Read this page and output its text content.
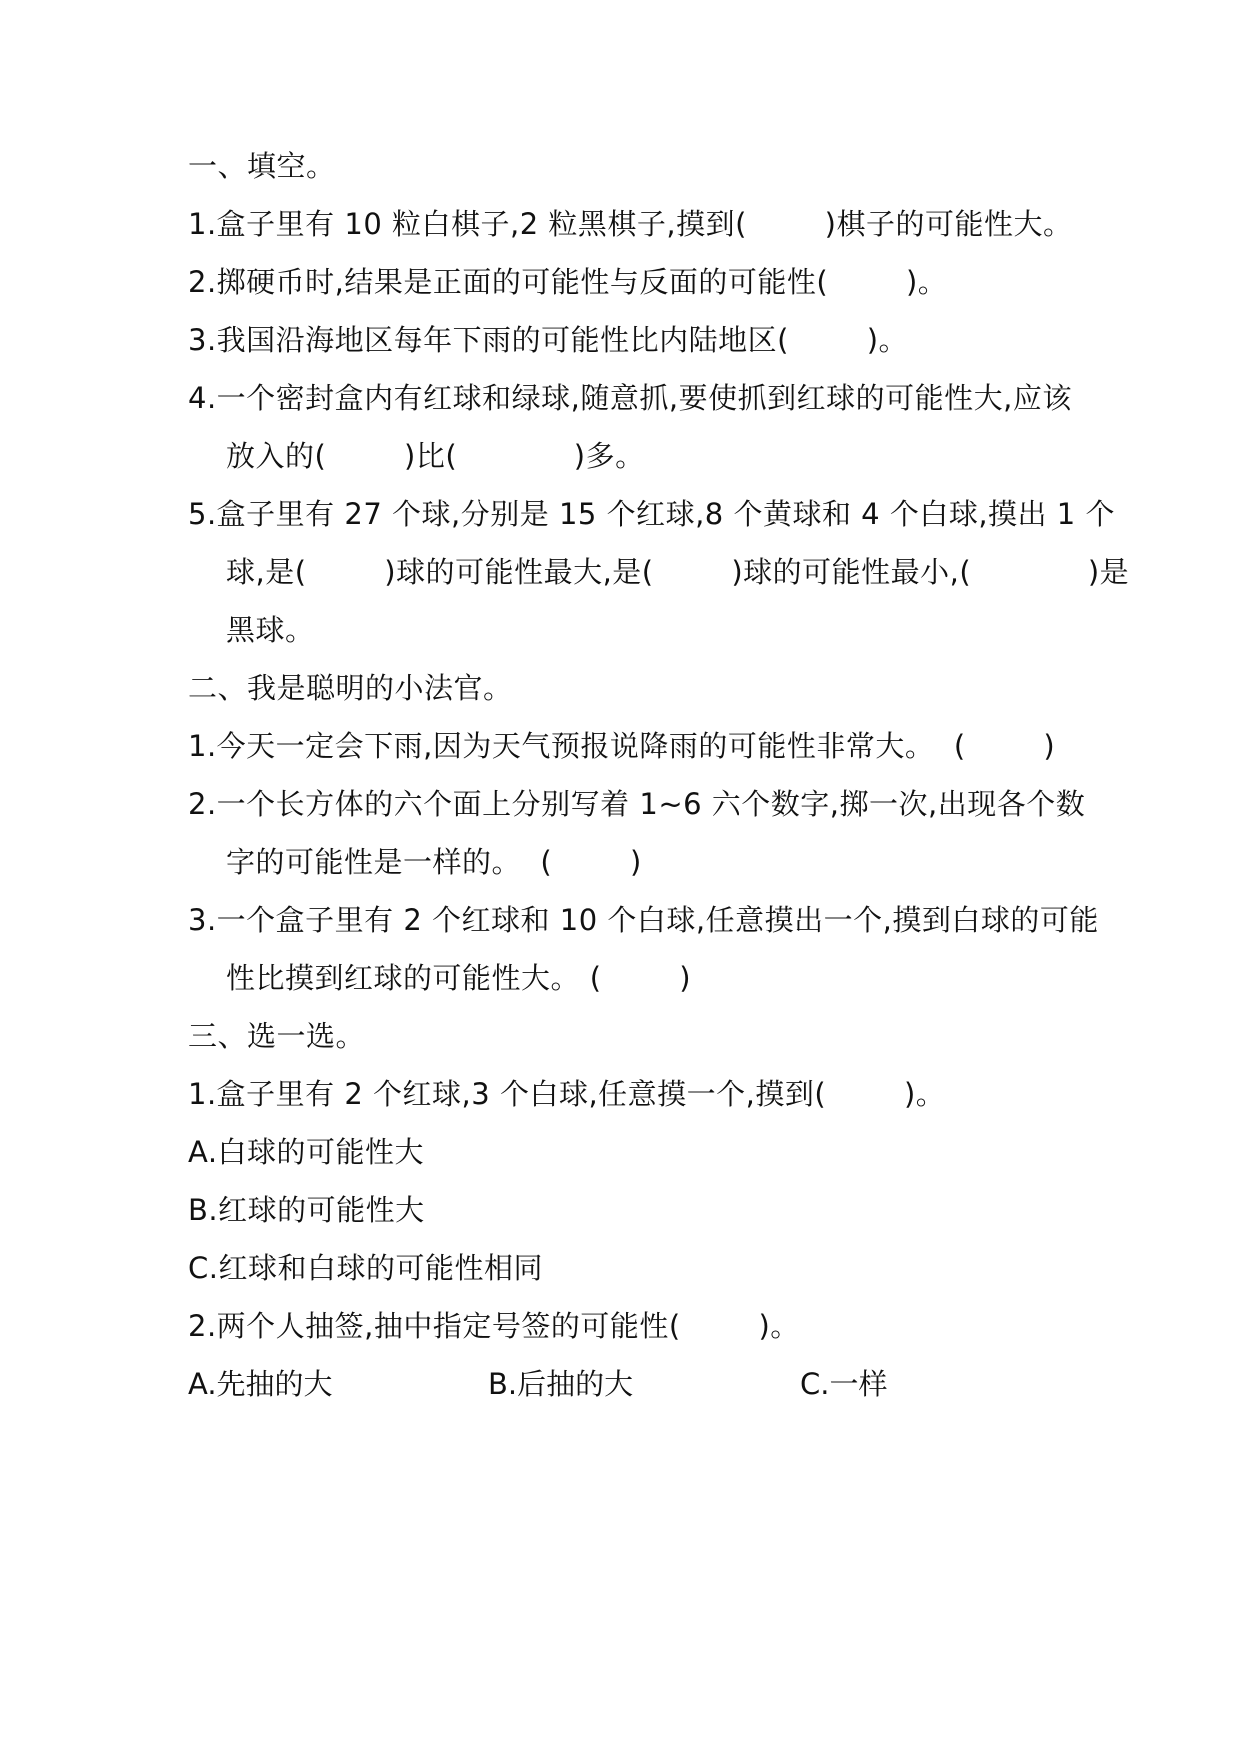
一、填空。

1.盒子里有 10 粒白棋子,2 粒黑棋子,摸到(        )棋子的可能性大。

2.掷硬币时,结果是正面的可能性与反面的可能性(        )。

3.我国沿海地区每年下雨的可能性比内陆地区(        )。

4.一个密封盒内有红球和绿球,随意抓,要使抓到红球的可能性大,应该

放入的(        )比(            )多。

5.盒子里有 27 个球,分别是 15 个红球,8 个黄球和 4 个白球,摸出 1 个

球,是(        )球的可能性最大,是(        )球的可能性最小,(            )是

黑球。

二、我是聪明的小法官。

1.今天一定会下雨,因为天气预报说降雨的可能性非常大。  (        )

2.一个长方体的六个面上分别写着 1~6 六个数字,掷一次,出现各个数

字的可能性是一样的。  (        )

3.一个盒子里有 2 个红球和 10 个白球,任意摸出一个,摸到白球的可能

性比摸到红球的可能性大。 (        )

三、选一选。

1.盒子里有 2 个红球,3 个白球,任意摸一个,摸到(        )。

A.白球的可能性大

B.红球的可能性大

C.红球和白球的可能性相同

2.两个人抽签,抽中指定号签的可能性(        )。

A.先抽的大	B.后抽的大	C.一样
